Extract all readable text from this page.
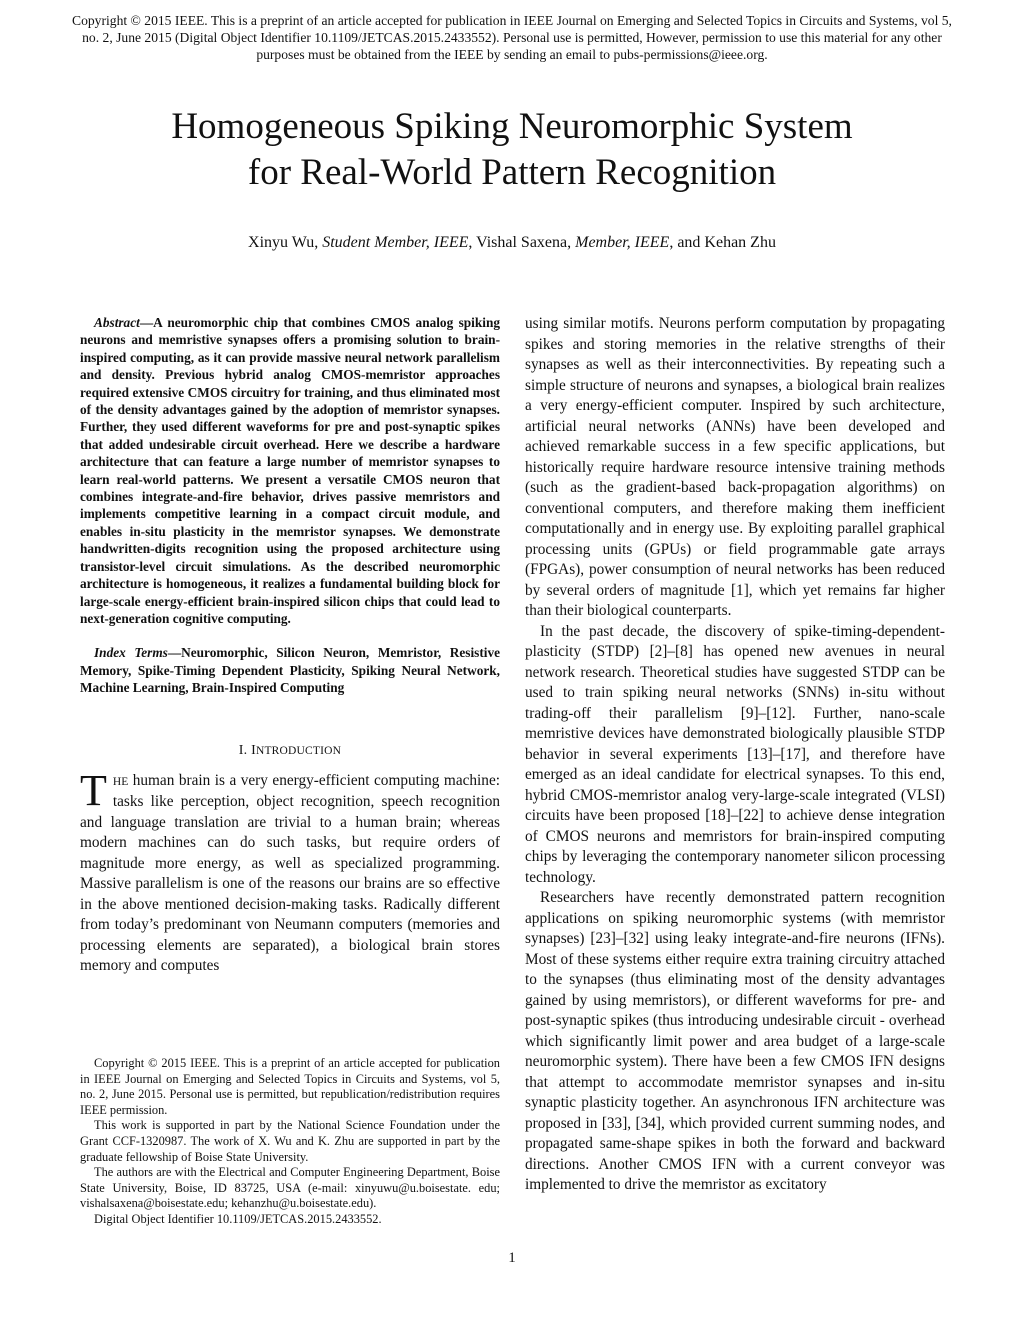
Copyright © 2015 IEEE. This is a preprint of an article accepted for publication in IEEE Journal on Emerging and Selected Topics in Circuits and Systems, vol 5, no. 2, June 2015 (Digital Object Identifier 10.1109/JETCAS.2015.2433552). Personal use is permitted, However, permission to use this material for any other purposes must be obtained from the IEEE by sending an email to pubs-permissions@ieee.org.
Homogeneous Spiking Neuromorphic System
for Real-World Pattern Recognition
Xinyu Wu, Student Member, IEEE, Vishal Saxena, Member, IEEE, and Kehan Zhu

Abstract—A neuromorphic chip that combines CMOS analog spiking neurons and memristive synapses offers a promising solution to brain-inspired computing, as it can provide massive neural network parallelism and density. Previous hybrid analog CMOS-memristor approaches required extensive CMOS circuitry for training, and thus eliminated most of the density advantages gained by the adoption of memristor synapses. Further, they used different waveforms for pre and post-synaptic spikes that added undesirable circuit overhead. Here we describe a hardware architecture that can feature a large number of memristor synapses to learn real-world patterns. We present a versatile CMOS neuron that combines integrate-and-fire behavior, drives passive memristors and implements competitive learning in a compact circuit module, and enables in-situ plasticity in the memristor synapses. We demonstrate handwritten-digits recognition using the proposed architecture using transistor-level circuit simulations. As the described neuromorphic architecture is homogeneous, it realizes a fundamental building block for large-scale energy-efficient brain-inspired silicon chips that could lead to next-generation cognitive computing.

Index Terms—Neuromorphic, Silicon Neuron, Memristor, Resistive Memory, Spike-Timing Dependent Plasticity, Spiking Neural Network, Machine Learning, Brain-Inspired Computing

I. INTRODUCTION

THE human brain is a very energy-efficient computing machine: tasks like perception, object recognition, speech recognition and language translation are trivial to a human brain; whereas modern machines can do such tasks, but require orders of magnitude more energy, as well as specialized programming. Massive parallelism is one of the reasons our brains are so effective in the above mentioned decision-making tasks. Radically different from today’s predominant von Neumann computers (memories and processing elements are separated), a biological brain stores memory and computes

using similar motifs. Neurons perform computation by propagating spikes and storing memories in the relative strengths of their synapses as well as their interconnectivities. By repeating such a simple structure of neurons and synapses, a biological brain realizes a very energy-efficient computer. Inspired by such architecture, artificial neural networks (ANNs) have been developed and achieved remarkable success in a few specific applications, but historically require hardware resource intensive training methods (such as the gradient-based back-propagation algorithms) on conventional computers, and therefore making them inefficient computationally and in energy use. By exploiting parallel graphical processing units (GPUs) or field programmable gate arrays (FPGAs), power consumption of neural networks has been reduced by several orders of magnitude [1], which yet remains far higher than their biological counterparts.

In the past decade, the discovery of spike-timing-dependent-plasticity (STDP) [2]–[8] has opened new avenues in neural network research. Theoretical studies have suggested STDP can be used to train spiking neural networks (SNNs) in-situ without trading-off their parallelism [9]–[12]. Further, nano-scale memristive devices have demonstrated biologically plausible STDP behavior in several experiments [13]–[17], and therefore have emerged as an ideal candidate for electrical synapses. To this end, hybrid CMOS-memristor analog very-large-scale integrated (VLSI) circuits have been proposed [18]–[22] to achieve dense integration of CMOS neurons and memristors for brain-inspired computing chips by leveraging the contemporary nanometer silicon processing technology.

Researchers have recently demonstrated pattern recognition applications on spiking neuromorphic systems (with memristor synapses) [23]–[32] using leaky integrate-and-fire neurons (IFNs). Most of these systems either require extra training circuitry attached to the synapses (thus eliminating most of the density advantages gained by using memristors), or different waveforms for pre- and post-synaptic spikes (thus introducing undesirable circuit - overhead which significantly limit power and area budget of a large-scale neuromorphic system). There have been a few CMOS IFN designs that attempt to accommodate memristor synapses and in-situ synaptic plasticity together. An asynchronous IFN architecture was proposed in [33], [34], which provided current summing nodes, and propagated same-shape spikes in both the forward and backward directions. Another CMOS IFN with a current conveyor was implemented to drive the memristor as excitatory

Copyright © 2015 IEEE. This is a preprint of an article accepted for publication in IEEE Journal on Emerging and Selected Topics in Circuits and Systems, vol 5, no. 2, June 2015. Personal use is permitted, but republication/redistribution requires IEEE permission.

This work is supported in part by the National Science Foundation under the Grant CCF-1320987. The work of X. Wu and K. Zhu are supported in part by the graduate fellowship of Boise State University.

The authors are with the Electrical and Computer Engineering Department, Boise State University, Boise, ID 83725, USA (e-mail: xinyuwu@u.boisestate. edu; vishalsaxena@boisestate.edu; kehanzhu@u.boisestate.edu).

Digital Object Identifier 10.1109/JETCAS.2015.2433552.

1
